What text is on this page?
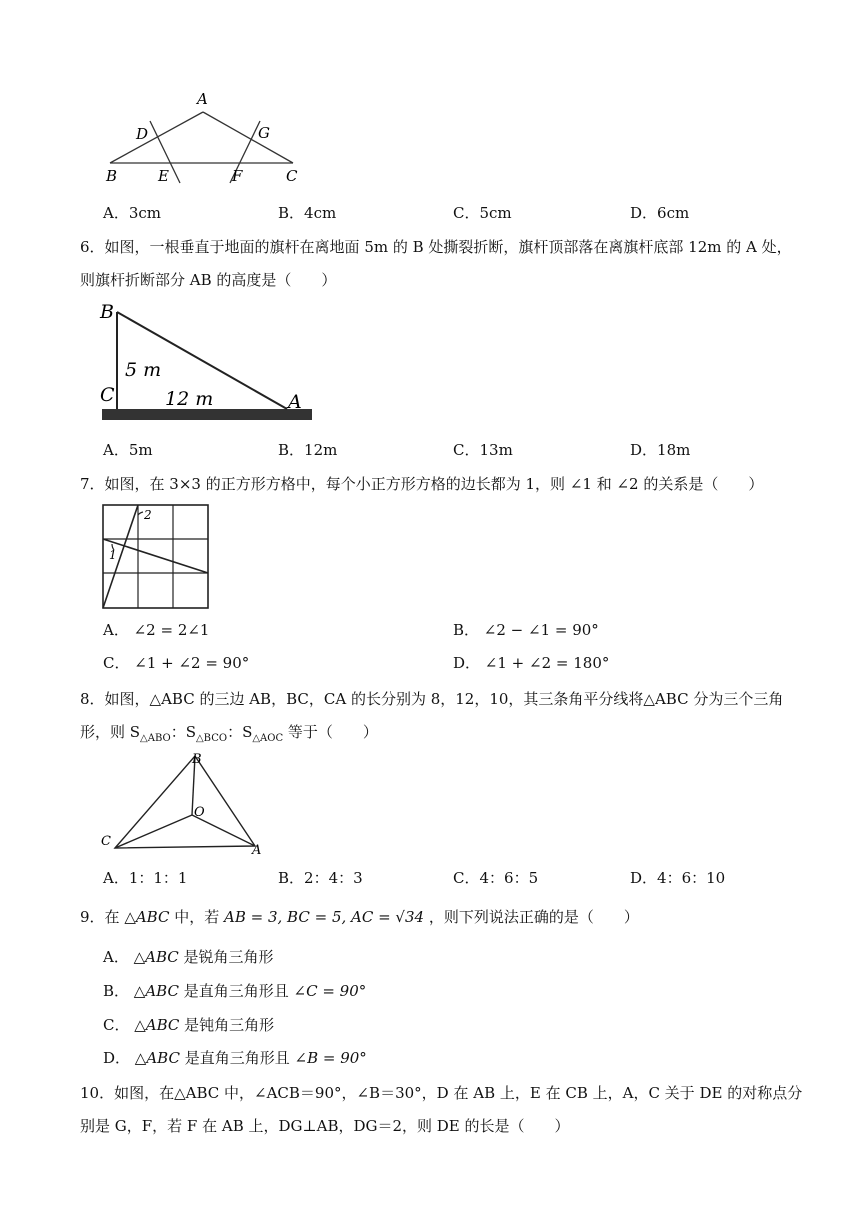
A
D	G
B	E	F	C
A．3cm	B．4cm	C．5cm	D．6cm
6．如图，一根垂直于地面的旗杆在离地面 5m 的 B 处撕裂折断，旗杆顶部落在离旗杆底部 12m 的 A 处，
则旗杆折断部分 AB 的高度是（　　）
B
C	A
5 m
12 m
A．5m	B．12m	C．13m	D．18m
7．如图，在 3×3 的正方形方格中，每个小正方形方格的边长都为 1，则 ∠1 和 ∠2 的关系是（　　）
1
2
A． ∠2 = 2∠1	B． ∠2 − ∠1 = 90°
C． ∠1 + ∠2 = 90°	D． ∠1 + ∠2 = 180°
8．如图，△ABC 的三边 AB，BC，CA 的长分别为 8，12，10，其三条角平分线将△ABC 分为三个三角
形，则 $S_{\triangle ABO}$：$S_{\triangle BCO}$：$S_{\triangle AOC}$ 等于（　　）
B
O
C
A
A．1：1：1	B．2：4：3	C．4：6：5	D．4：6：10
9．在 △ABC 中，若 AB = 3, BC = 5, AC = √34 ，则下列说法正确的是（　　）
A． △ABC 是锐角三角形
B． △ABC 是直角三角形且 ∠C = 90°
C． △ABC 是钝角三角形
D． △ABC 是直角三角形且 ∠B = 90°
10．如图，在△ABC 中，∠ACB＝90°，∠B＝30°，D 在 AB 上，E 在 CB 上，A，C 关于 DE 的对称点分
别是 G，F，若 F 在 AB 上，DG⊥AB，DG＝2，则 DE 的长是（　　）
